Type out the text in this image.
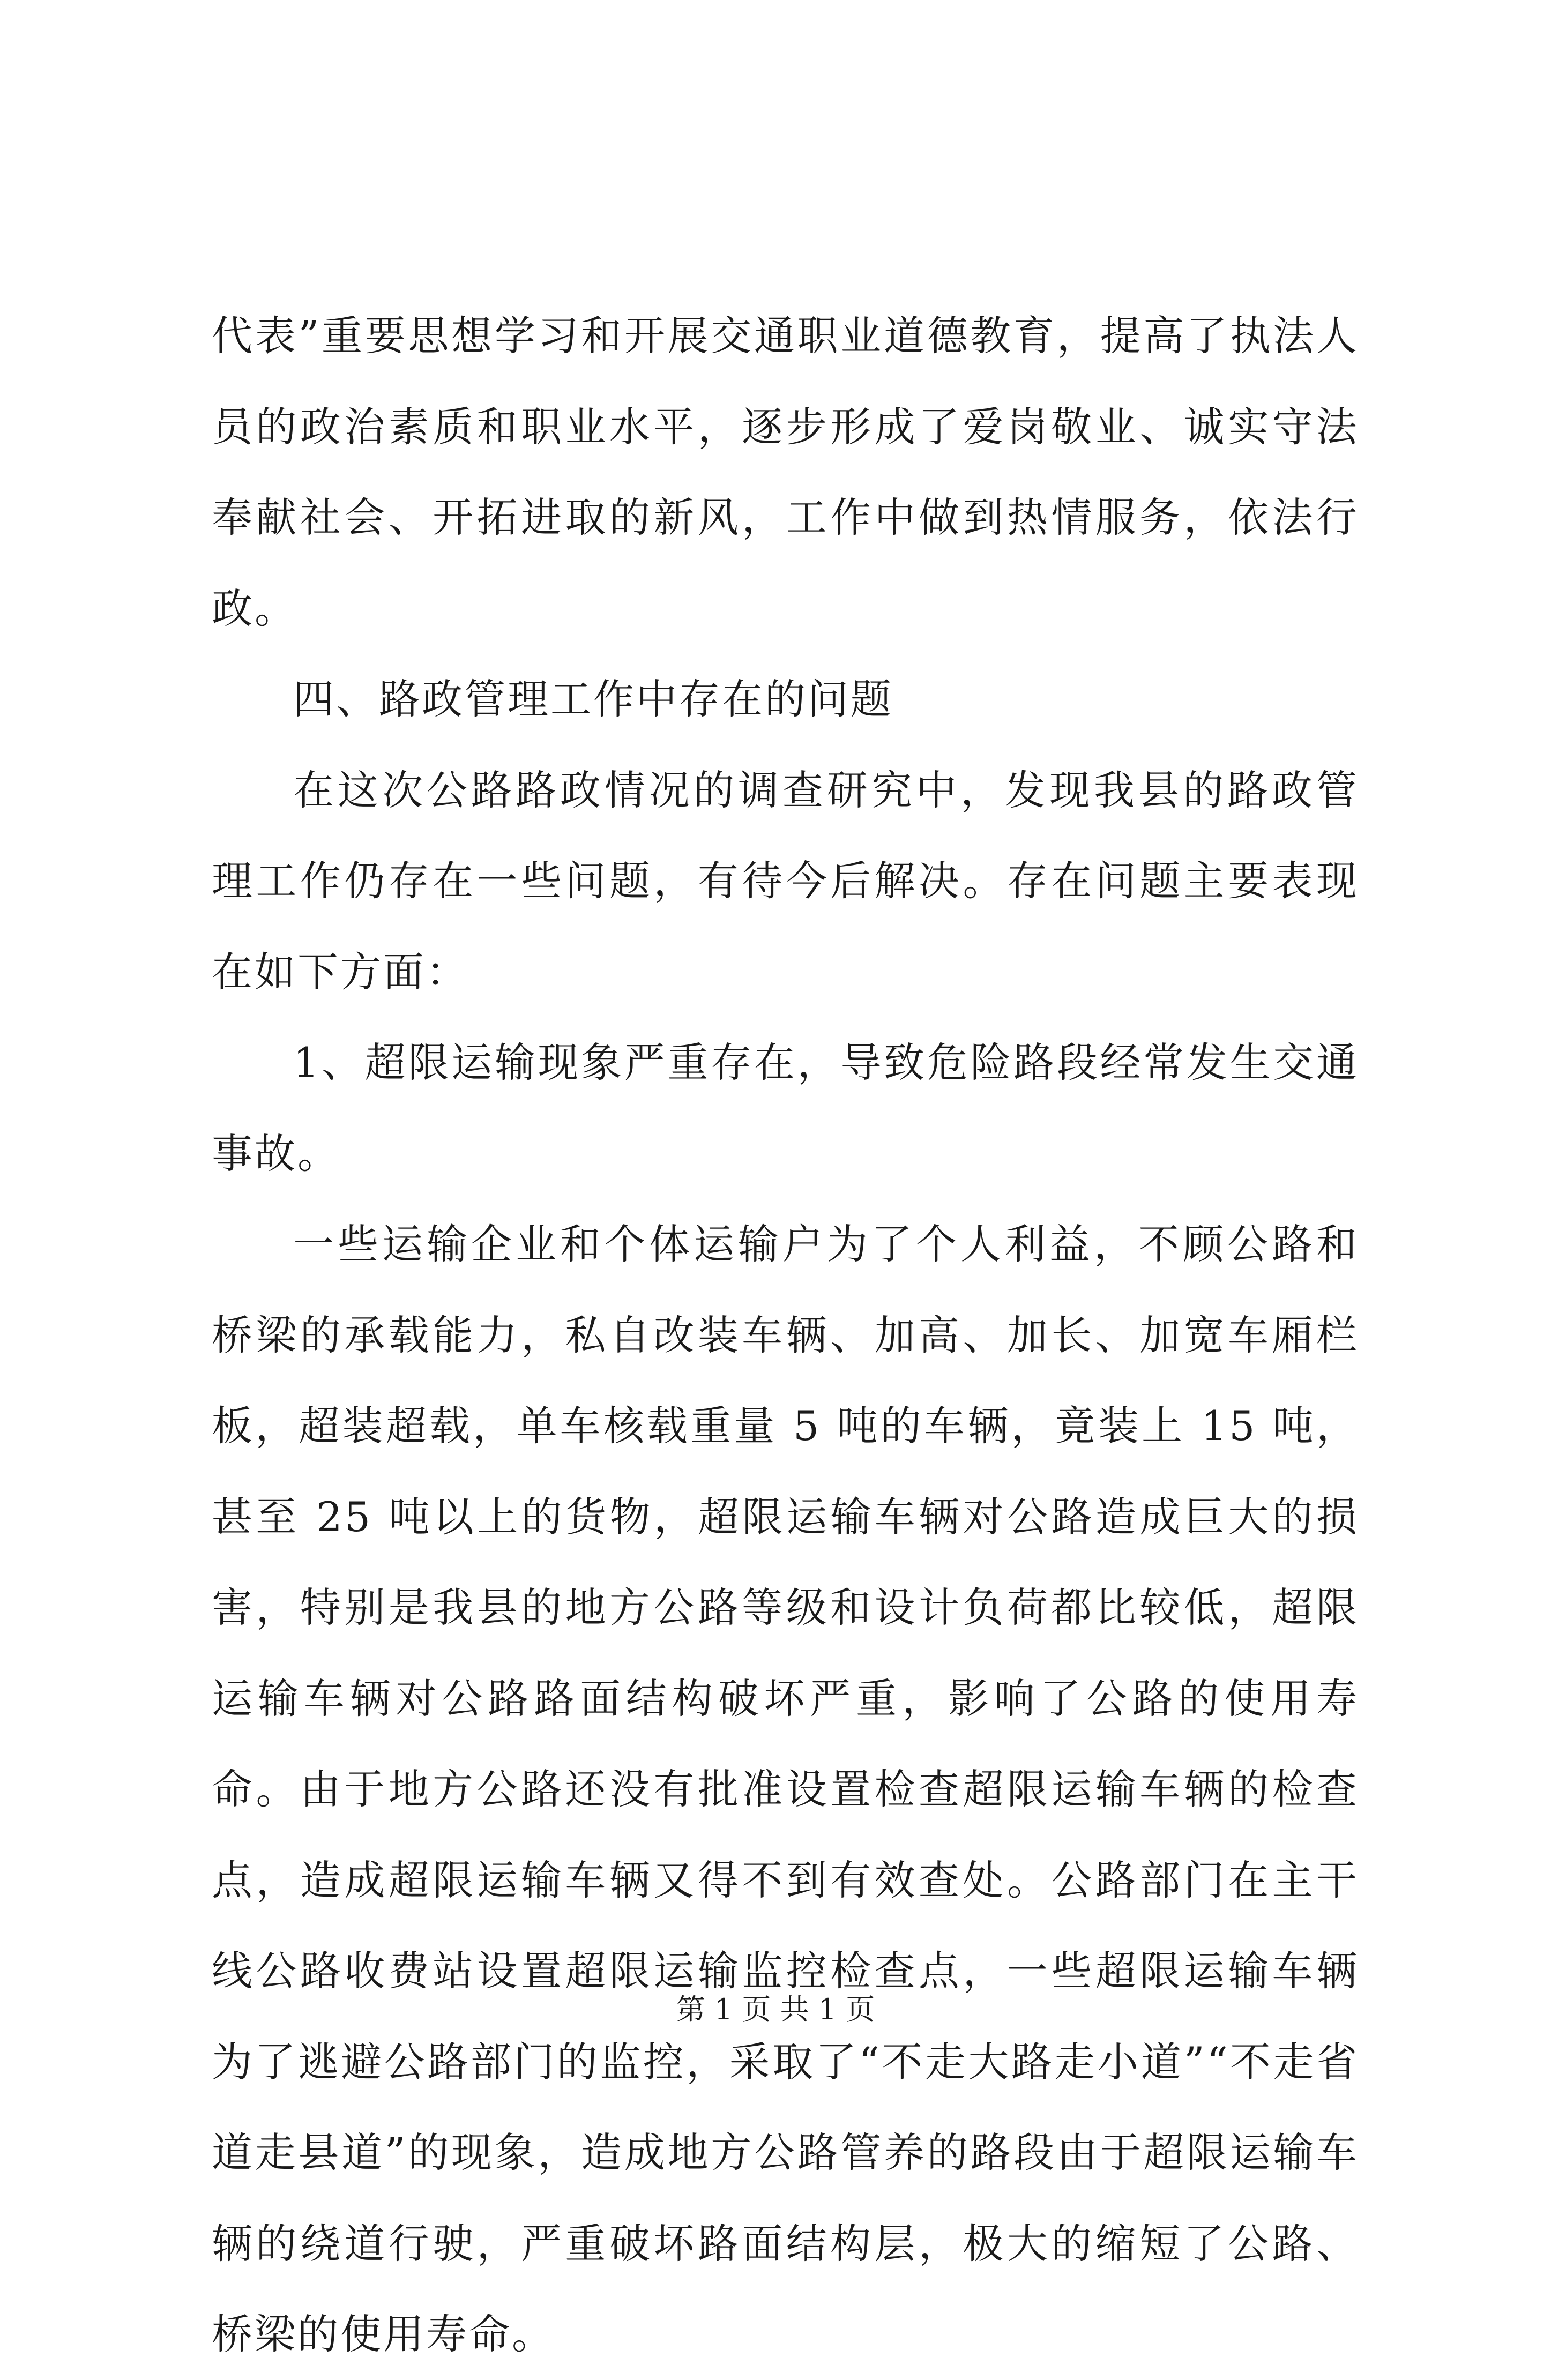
代表”重要思想学习和开展交通职业道德教育，提高了执法人员的政治素质和职业水平，逐步形成了爱岗敬业、诚实守法奉献社会、开拓进取的新风，工作中做到热情服务，依法行政。

四、路政管理工作中存在的问题

在这次公路路政情况的调查研究中，发现我县的路政管理工作仍存在一些问题，有待今后解决。存在问题主要表现在如下方面：

1、超限运输现象严重存在，导致危险路段经常发生交通事故。

一些运输企业和个体运输户为了个人利益，不顾公路和桥梁的承载能力，私自改装车辆、加高、加长、加宽车厢栏板，超装超载，单车核载重量 5 吨的车辆，竟装上 15 吨，甚至 25 吨以上的货物，超限运输车辆对公路造成巨大的损害，特别是我县的地方公路等级和设计负荷都比较低，超限运输车辆对公路路面结构破坏严重，影响了公路的使用寿命。由于地方公路还没有批准设置检查超限运输车辆的检查点，造成超限运输车辆又得不到有效查处。公路部门在主干线公路收费站设置超限运输监控检查点，一些超限运输车辆为了逃避公路部门的监控，采取了“不走大路走小道”“不走省道走县道”的现象，造成地方公路管养的路段由于超限运输车辆的绕道行驶，严重破坏路面结构层，极大的缩短了公路、桥梁的使用寿命。

第 1 页 共 1 页
